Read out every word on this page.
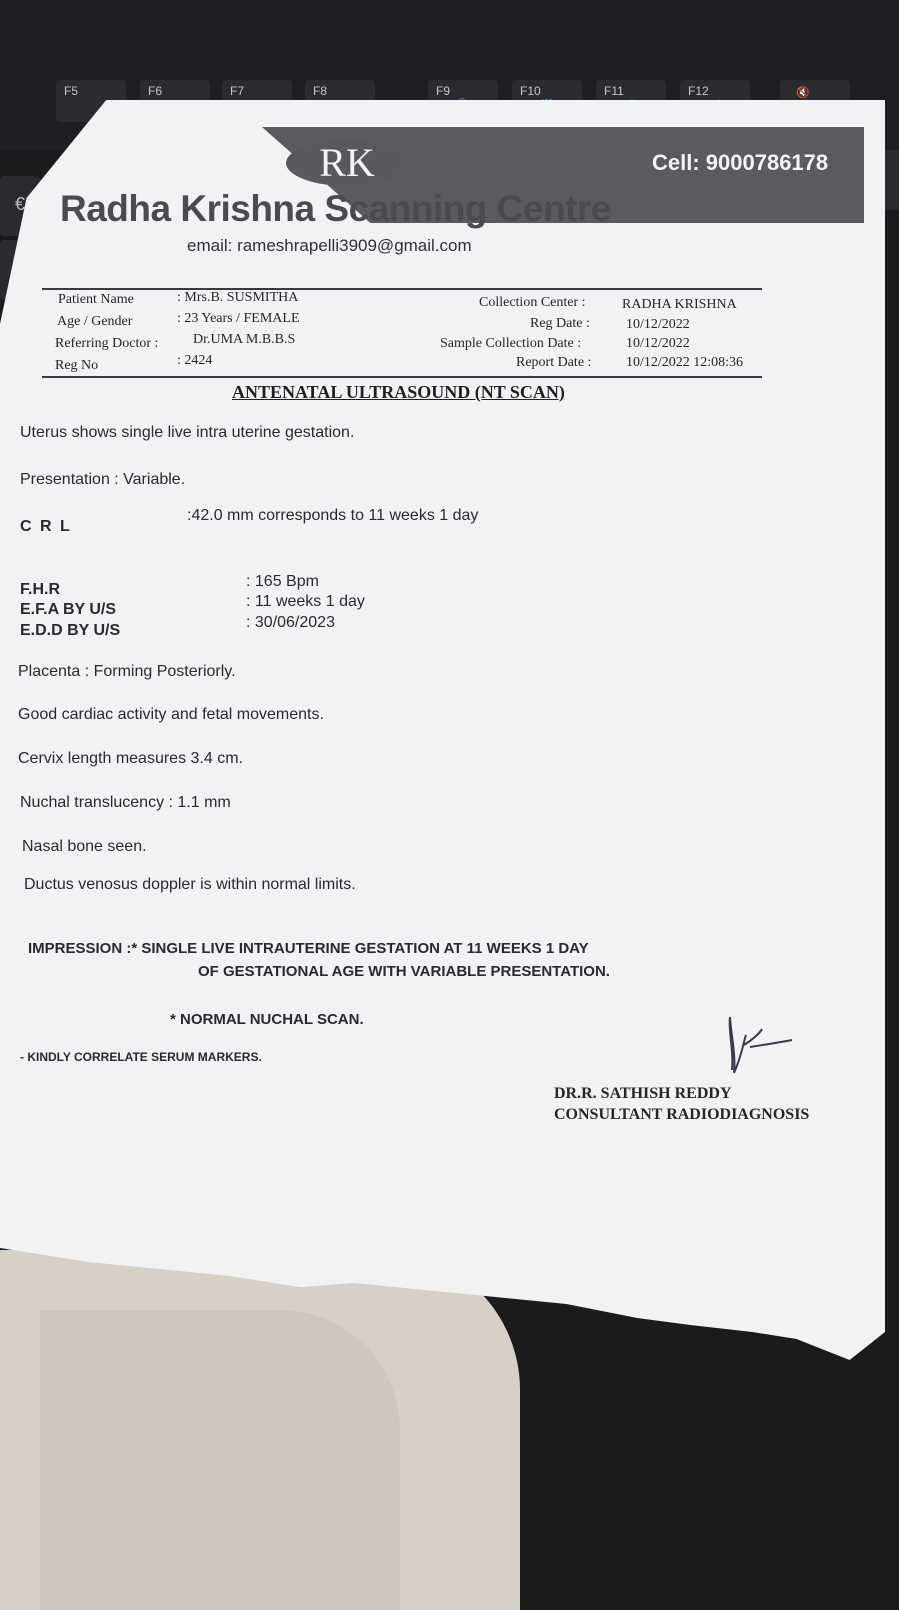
F5	F6	F7	F8	F9	F10	F11	F12	🔇
€
RK	Cell: 9000786178
Radha Krishna Scanning Centre
email: rameshrapelli3909@gmail.com
Patient Name	: Mrs.B. SUSMITHA
Age / Gender	: 23 Years / FEMALE
Referring Doctor : Dr.UMA M.B.B.S
Reg No	: 2424
Collection Center :	RADHA KRISHNA
Reg Date :	10/12/2022
Sample Collection Date :	10/12/2022
Report Date : 10/12/2022 12:08:36
ANTENATAL ULTRASOUND (NT SCAN)
Uterus shows single live intra uterine gestation.
Presentation : Variable.
C R L
:42.0 mm corresponds to 11 weeks 1 day
F.H.R	: 165 Bpm
E.F.A BY U/S	: 11 weeks 1 day
E.D.D BY U/S	: 30/06/2023
Placenta : Forming Posteriorly.
Good cardiac activity and fetal movements.
Cervix length measures 3.4 cm.
Nuchal translucency : 1.1 mm
Nasal bone seen.
Ductus venosus doppler is within normal limits.
IMPRESSION :* SINGLE LIVE INTRAUTERINE GESTATION AT 11 WEEKS 1 DAY
OF GESTATIONAL AGE WITH VARIABLE PRESENTATION.
* NORMAL NUCHAL SCAN.
- KINDLY CORRELATE SERUM MARKERS.
DR.R. SATHISH REDDY
CONSULTANT RADIODIAGNOSIS
